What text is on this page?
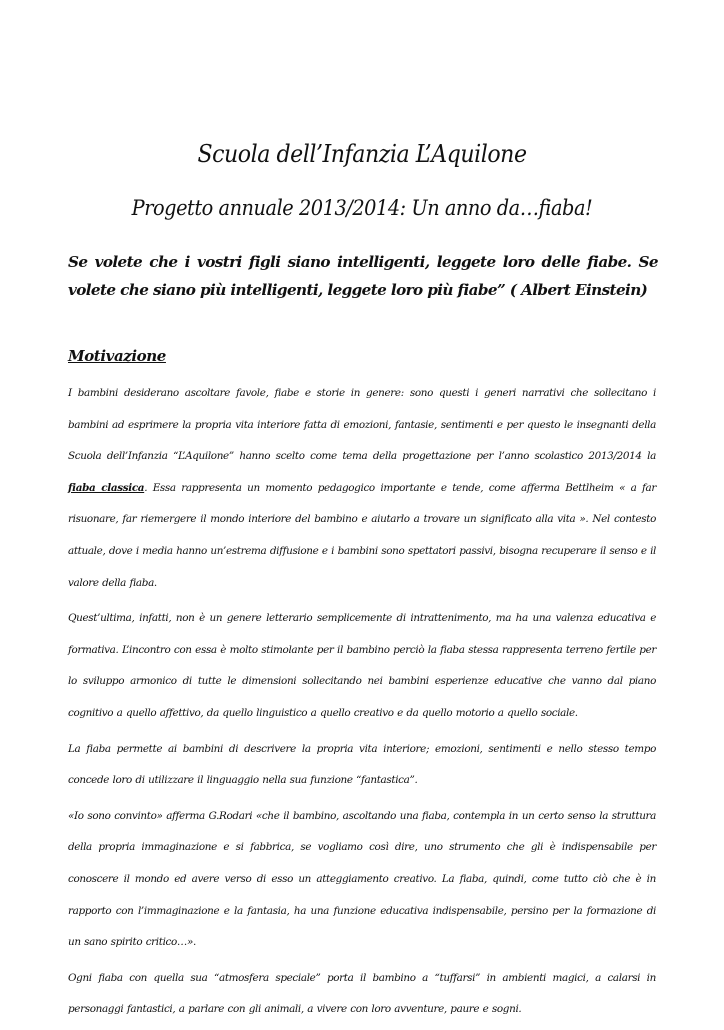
Scuola dell’Infanzia L’Aquilone
Progetto annuale 2013/2014: Un anno da…fiaba!

Se volete che i vostri figli siano intelligenti, leggete loro delle fiabe. Se volete che siano più intelligenti, leggete loro più fiabe” ( Albert Einstein)

Motivazione

I bambini desiderano ascoltare favole, fiabe e storie in genere: sono questi i generi narrativi che sollecitano i bambini ad esprimere la propria vita interiore fatta di emozioni, fantasie, sentimenti e per questo le insegnanti della Scuola dell’Infanzia “L’Aquilone” hanno scelto come tema della progettazione per l’anno scolastico 2013/2014 la fiaba classica. Essa rappresenta un momento pedagogico importante e tende, come afferma Bettlheim « a far risuonare, far riemergere il mondo interiore del bambino e aiutarlo a trovare un significato alla vita ». Nel contesto attuale, dove i media hanno un’estrema diffusione e i bambini sono spettatori passivi, bisogna recuperare il senso e il valore della fiaba.

Quest’ultima, infatti, non è un genere letterario semplicemente di intrattenimento, ma ha una valenza educativa e formativa. L’incontro con essa è molto stimolante per il bambino perciò la fiaba stessa rappresenta terreno fertile per lo sviluppo armonico di tutte le dimensioni sollecitando nei bambini esperienze educative che vanno dal piano cognitivo a quello affettivo, da quello linguistico a quello creativo e da quello motorio a quello sociale.

La fiaba permette ai bambini di descrivere la propria vita interiore; emozioni, sentimenti e nello stesso tempo concede loro di utilizzare il linguaggio nella sua funzione “fantastica”.

«Io sono convinto» afferma G.Rodari «che il bambino, ascoltando una fiaba, contempla in un certo senso la struttura della propria immaginazione e si fabbrica, se vogliamo così dire, uno strumento che gli è indispensabile per conoscere il mondo ed avere verso di esso un atteggiamento creativo. La fiaba, quindi, come tutto ciò che è in rapporto con l’immaginazione e la fantasia, ha una funzione educativa indispensabile, persino per la formazione di un sano spirito critico…».

Ogni fiaba con quella sua “atmosfera speciale” porta il bambino a “tuffarsi” in ambienti magici, a calarsi in personaggi fantastici, a parlare con gli animali, a vivere con loro avventure, paure e sogni.
